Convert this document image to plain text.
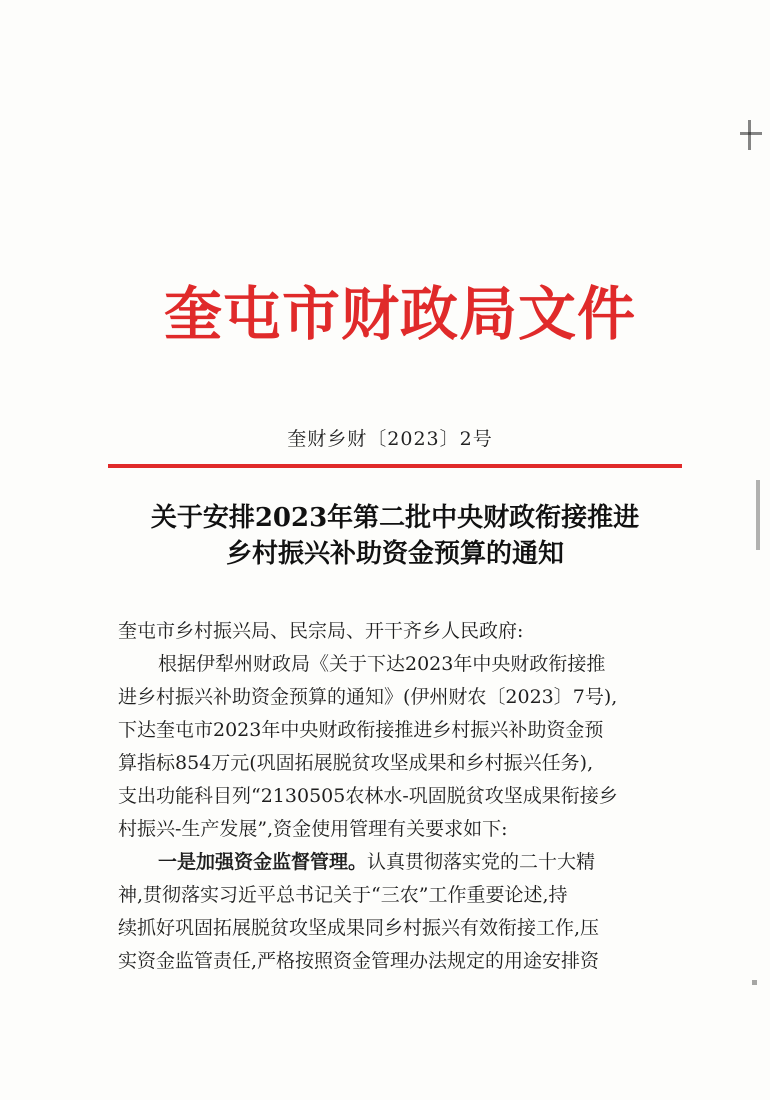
奎屯市财政局文件
奎财乡财〔2023〕2号
关于安排2023年第二批中央财政衔接推进
乡村振兴补助资金预算的通知
奎屯市乡村振兴局、民宗局、开干齐乡人民政府:
根据伊犁州财政局《关于下达2023年中央财政衔接推
进乡村振兴补助资金预算的通知》(伊州财农〔2023〕7号),
下达奎屯市2023年中央财政衔接推进乡村振兴补助资金预
算指标854万元(巩固拓展脱贫攻坚成果和乡村振兴任务),
支出功能科目列“2130505农林水-巩固脱贫攻坚成果衔接乡
村振兴-生产发展”,资金使用管理有关要求如下:
一是加强资金监督管理。认真贯彻落实党的二十大精
神,贯彻落实习近平总书记关于“三农”工作重要论述,持
续抓好巩固拓展脱贫攻坚成果同乡村振兴有效衔接工作,压
实资金监管责任,严格按照资金管理办法规定的用途安排资
